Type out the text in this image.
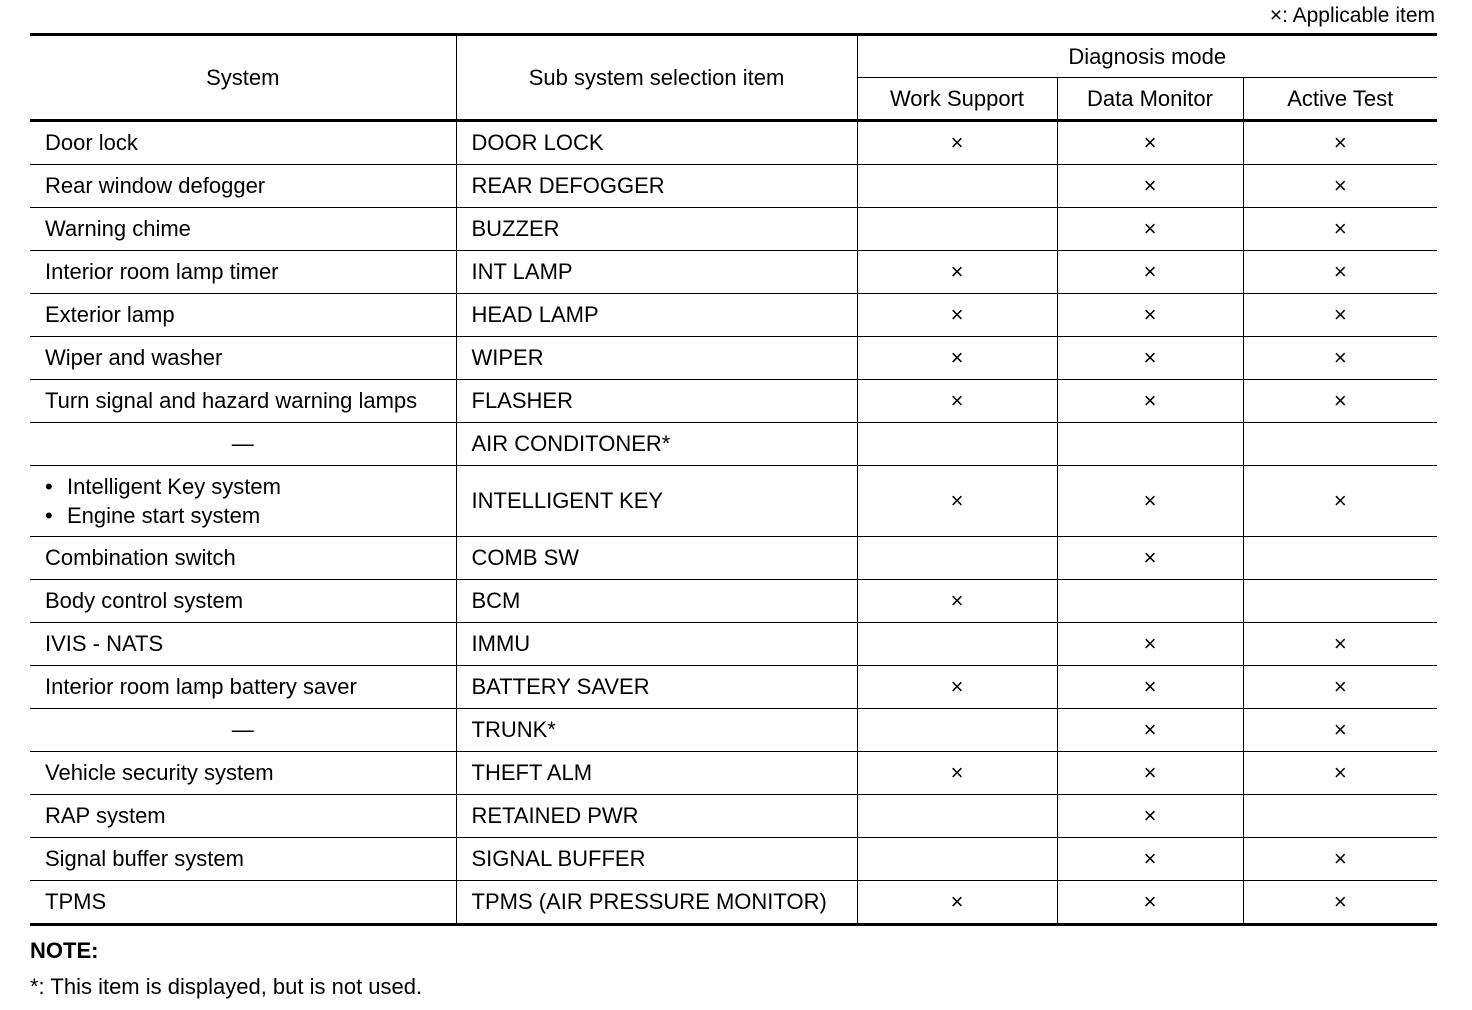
×: Applicable item
System	Sub system selection item	Diagnosis mode		
		Work Support	Data Monitor	Active Test
Door lock	DOOR LOCK	×	×	×
Rear window defogger	REAR DEFOGGER		×	×
Warning chime	BUZZER		×	×
Interior room lamp timer	INT LAMP	×	×	×
Exterior lamp	HEAD LAMP	×	×	×
Wiper and washer	WIPER	×	×	×
Turn signal and hazard warning lamps	FLASHER	×	×	×
—	AIR CONDITONER*			

• Intelligent Key system
• Engine start system	INTELLIGENT KEY	×	×	×
Combination switch	COMB SW		×	
Body control system	BCM	×		
IVIS - NATS	IMMU		×	×
Interior room lamp battery saver	BATTERY SAVER	×	×	×
—	TRUNK*		×	×
Vehicle security system	THEFT ALM	×	×	×
RAP system	RETAINED PWR		×	
Signal buffer system	SIGNAL BUFFER		×	×
TPMS	TPMS (AIR PRESSURE MONITOR)	×	×	×
NOTE:
*: This item is displayed, but is not used.
